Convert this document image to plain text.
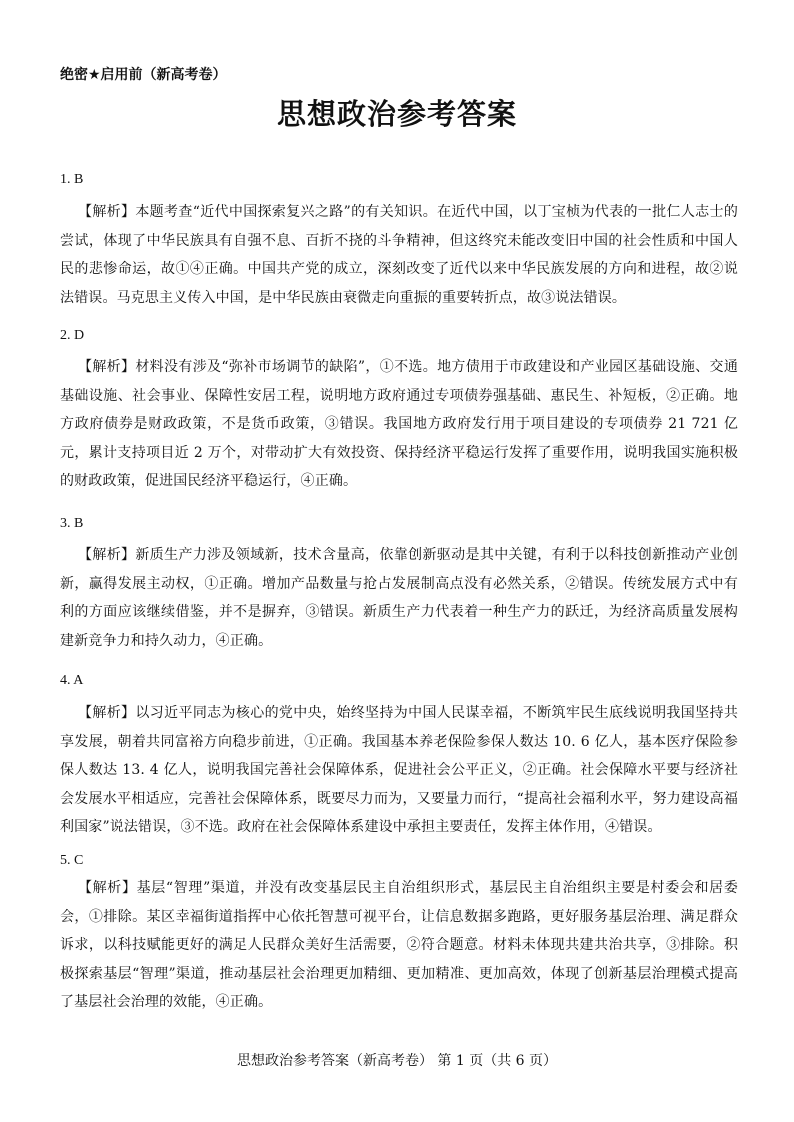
绝密★启用前（新高考卷）
思想政治参考答案
1. B
【解析】本题考查“近代中国探索复兴之路”的有关知识。在近代中国，以丁宝桢为代表的一批仁人志士的尝试，体现了中华民族具有自强不息、百折不挠的斗争精神，但这终究未能改变旧中国的社会性质和中国人民的悲惨命运，故①④正确。中国共产党的成立，深刻改变了近代以来中华民族发展的方向和进程，故②说法错误。马克思主义传入中国，是中华民族由衰微走向重振的重要转折点，故③说法错误。
2. D
【解析】材料没有涉及“弥补市场调节的缺陷”，①不选。地方债用于市政建设和产业园区基础设施、交通基础设施、社会事业、保障性安居工程，说明地方政府通过专项债券强基础、惠民生、补短板，②正确。地方政府债券是财政政策，不是货币政策，③错误。我国地方政府发行用于项目建设的专项债券 21 721 亿元，累计支持项目近 2 万个，对带动扩大有效投资、保持经济平稳运行发挥了重要作用，说明我国实施积极的财政政策，促进国民经济平稳运行，④正确。
3. B
【解析】新质生产力涉及领域新，技术含量高，依靠创新驱动是其中关键，有利于以科技创新推动产业创新，赢得发展主动权，①正确。增加产品数量与抢占发展制高点没有必然关系，②错误。传统发展方式中有利的方面应该继续借鉴，并不是摒弃，③错误。新质生产力代表着一种生产力的跃迁，为经济高质量发展构建新竞争力和持久动力，④正确。
4. A
【解析】以习近平同志为核心的党中央，始终坚持为中国人民谋幸福，不断筑牢民生底线说明我国坚持共享发展，朝着共同富裕方向稳步前进，①正确。我国基本养老保险参保人数达 10. 6 亿人，基本医疗保险参保人数达 13. 4 亿人，说明我国完善社会保障体系，促进社会公平正义，②正确。社会保障水平要与经济社会发展水平相适应，完善社会保障体系，既要尽力而为，又要量力而行，“提高社会福利水平，努力建设高福利国家”说法错误，③不选。政府在社会保障体系建设中承担主要责任，发挥主体作用，④错误。
5. C
【解析】基层“智理”渠道，并没有改变基层民主自治组织形式，基层民主自治组织主要是村委会和居委会，①排除。某区幸福街道指挥中心依托智慧可视平台，让信息数据多跑路，更好服务基层治理、满足群众诉求，以科技赋能更好的满足人民群众美好生活需要，②符合题意。材料未体现共建共治共享，③排除。积极探索基层“智理”渠道，推动基层社会治理更加精细、更加精准、更加高效，体现了创新基层治理模式提高了基层社会治理的效能，④正确。
思想政治参考答案（新高考卷） 第 1 页（共 6 页）
